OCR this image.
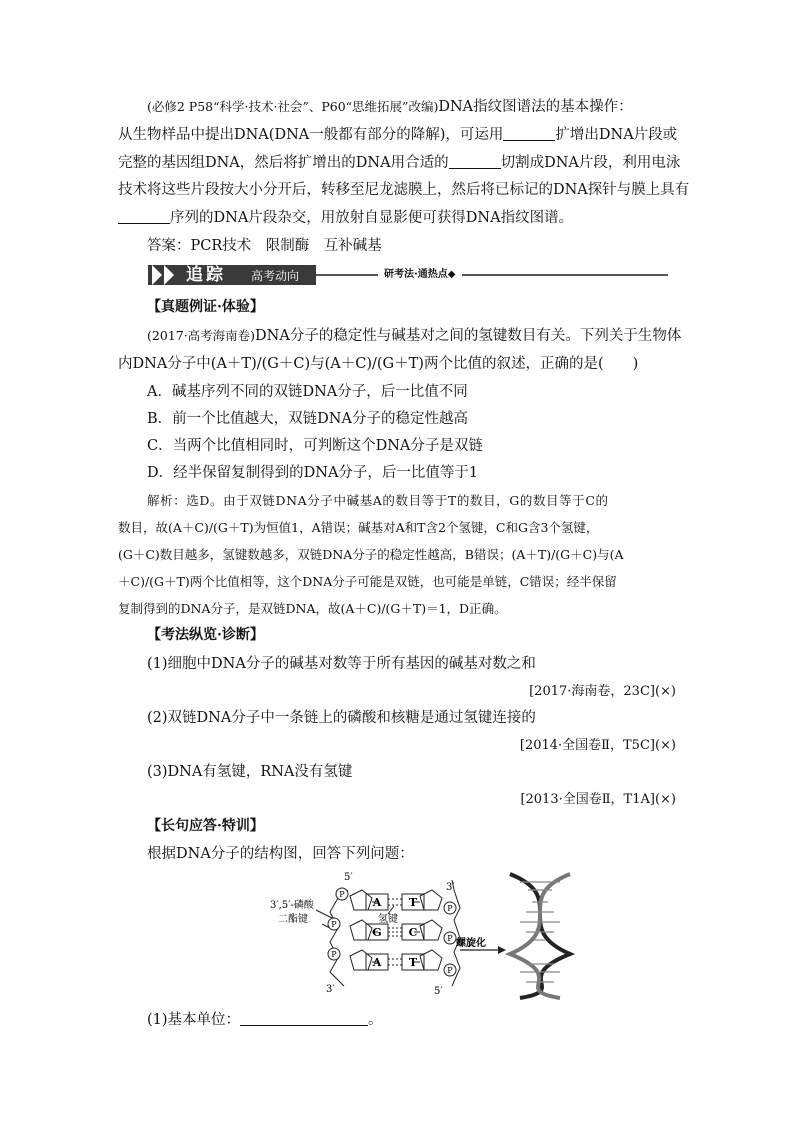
(必修2 P58“科学·技术·社会”、P60“思维拓展”改编)DNA指纹图谱法的基本操作：
从生物样品中提出DNA(DNA一般都有部分的降解)，可运用	扩增出DNA片段或
完整的基因组DNA，然后将扩增出的DNA用合适的	切割成DNA片段，利用电泳
技术将这些片段按大小分开后，转移至尼龙滤膜上，然后将已标记的DNA探针与膜上具有
序列的DNA片段杂交，用放射自显影便可获得DNA指纹图谱。
答案：PCR技术　限制酶　互补碱基
追踪 高考动向	研考法·通热点◆
【真题例证·体验】
(2017·高考海南卷)DNA分子的稳定性与碱基对之间的氢键数目有关。下列关于生物体
内DNA分子中(A＋T)/(G＋C)与(A＋C)/(G＋T)两个比值的叙述，正确的是(　　)
A．碱基序列不同的双链DNA分子，后一比值不同
B．前一个比值越大，双链DNA分子的稳定性越高
C．当两个比值相同时，可判断这个DNA分子是双链
D．经半保留复制得到的DNA分子，后一比值等于1
解析：选D。由于双链DNA分子中碱基A的数目等于T的数目，G的数目等于C的
数目，故(A＋C)/(G＋T)为恒值1，A错误；碱基对A和T含2个氢键，C和G含3个氢键，
(G＋C)数目越多，氢键数越多，双链DNA分子的稳定性越高，B错误；(A＋T)/(G＋C)与(A
＋C)/(G＋T)两个比值相等，这个DNA分子可能是双链，也可能是单链，C错误；经半保留
复制得到的DNA分子，是双链DNA，故(A＋C)/(G＋T)＝1，D正确。
【考法纵览·诊断】
(1)细胞中DNA分子的碱基对数等于所有基因的碱基对数之和
[2017·海南卷，23C](×)
(2)双链DNA分子中一条链上的磷酸和核糖是通过氢键连接的
[2014·全国卷Ⅱ，T5C](×)
(3)DNA有氢键，RNA没有氢键
[2013·全国卷Ⅱ，T1A](×)
【长句应答·特训】
根据DNA分子的结构图，回答下列问题：
P
P
P
P
P
P
A	T
G C
A	T
5′
3′
3′	5′
3′,5′-磷酸
二酯键	氢键
螺旋化
(1)基本单位：	。
